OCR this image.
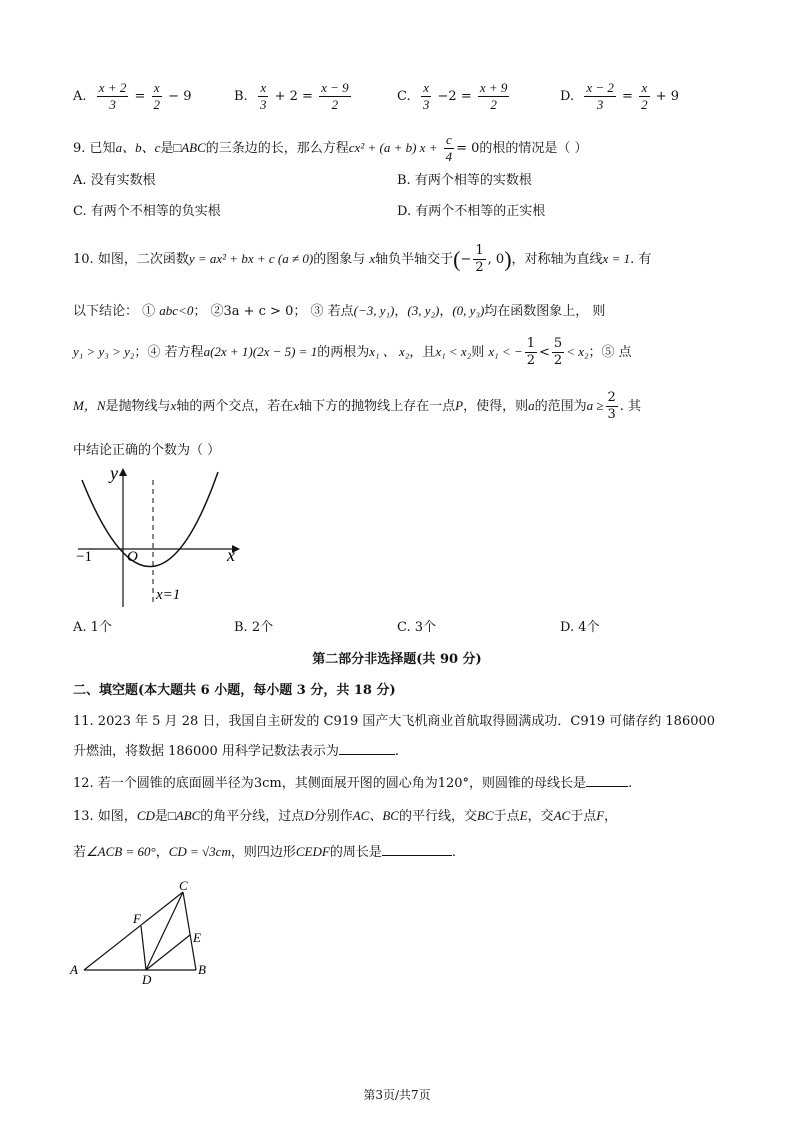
A. $\frac{x + 2}{3} = \frac{x}{2} - 9$	B. $\frac{x}{3} + 2 = \frac{x - 9}{2}$	C. $\frac{x}{3} -2 = \frac{x + 9}{2}$	D. $\frac{x - 2}{3} = \frac{x}{2} + 9$
9. 已知a、b、c是□ABC的三条边的长，那么方程cx² + (a + b) $x + \frac{c}{4} = 0$的根的情况是（ ）
A. 没有实数根	B. 有两个相等的实数根
C. 有两个不相等的负实根	D. 有两个不相等的正实根
10. 如图，二次函数y = ax² + bx + c (a ≠ 0)的图象与 x轴负半轴交于(− $\frac{1}{2}$ , 0)，对称轴为直线x = 1. 有
以下结论： ① abc<0； ②3a + c > 0； ③ 若点(−3, y₁)，(3, y₂)，(0, y₃)均在函数图象上， 则
y₁ > y₃ > y₂；④ 若方程a(2x + 1)(2x − 5) = 1的两根为x₁ 、 x₂，且x₁ < x₂则 x₁ < − $\frac{1}{2} < \frac{5}{2} < x_2$；⑤ 点
M，N是抛物线与x轴的两个交点，若在x轴下方的抛物线上存在一点P，使得，则a的范围为$a \ge \frac{2}{3}$ . 其
中结论正确的个数为（ ）
y
x
O
−1
x=1
A. 1个	B. 2个	C. 3个	D. 4个
第二部分非选择题(共 90 分)
二、填空题(本大题共 6 小题，每小题 3 分，共 18 分)
11. 2023 年 5 月 28 日，我国自主研发的 C919 国产大飞机商业首航取得圆满成功．C919 可储存约 186000
升燃油，将数据 186000 用科学记数法表示为	.
12. 若一个圆锥的底面圆半径为3cm，其侧面展开图的圆心角为120°，则圆锥的母线长是	.
13. 如图，CD是□ABC的角平分线，过点D分别作AC、BC的平行线，交BC于点E，交AC于点F，
若∠ACB = 60°，CD = √3cm，则四边形CEDF的周长是	.
A	B
C
D
E
F
第3页/共7页
